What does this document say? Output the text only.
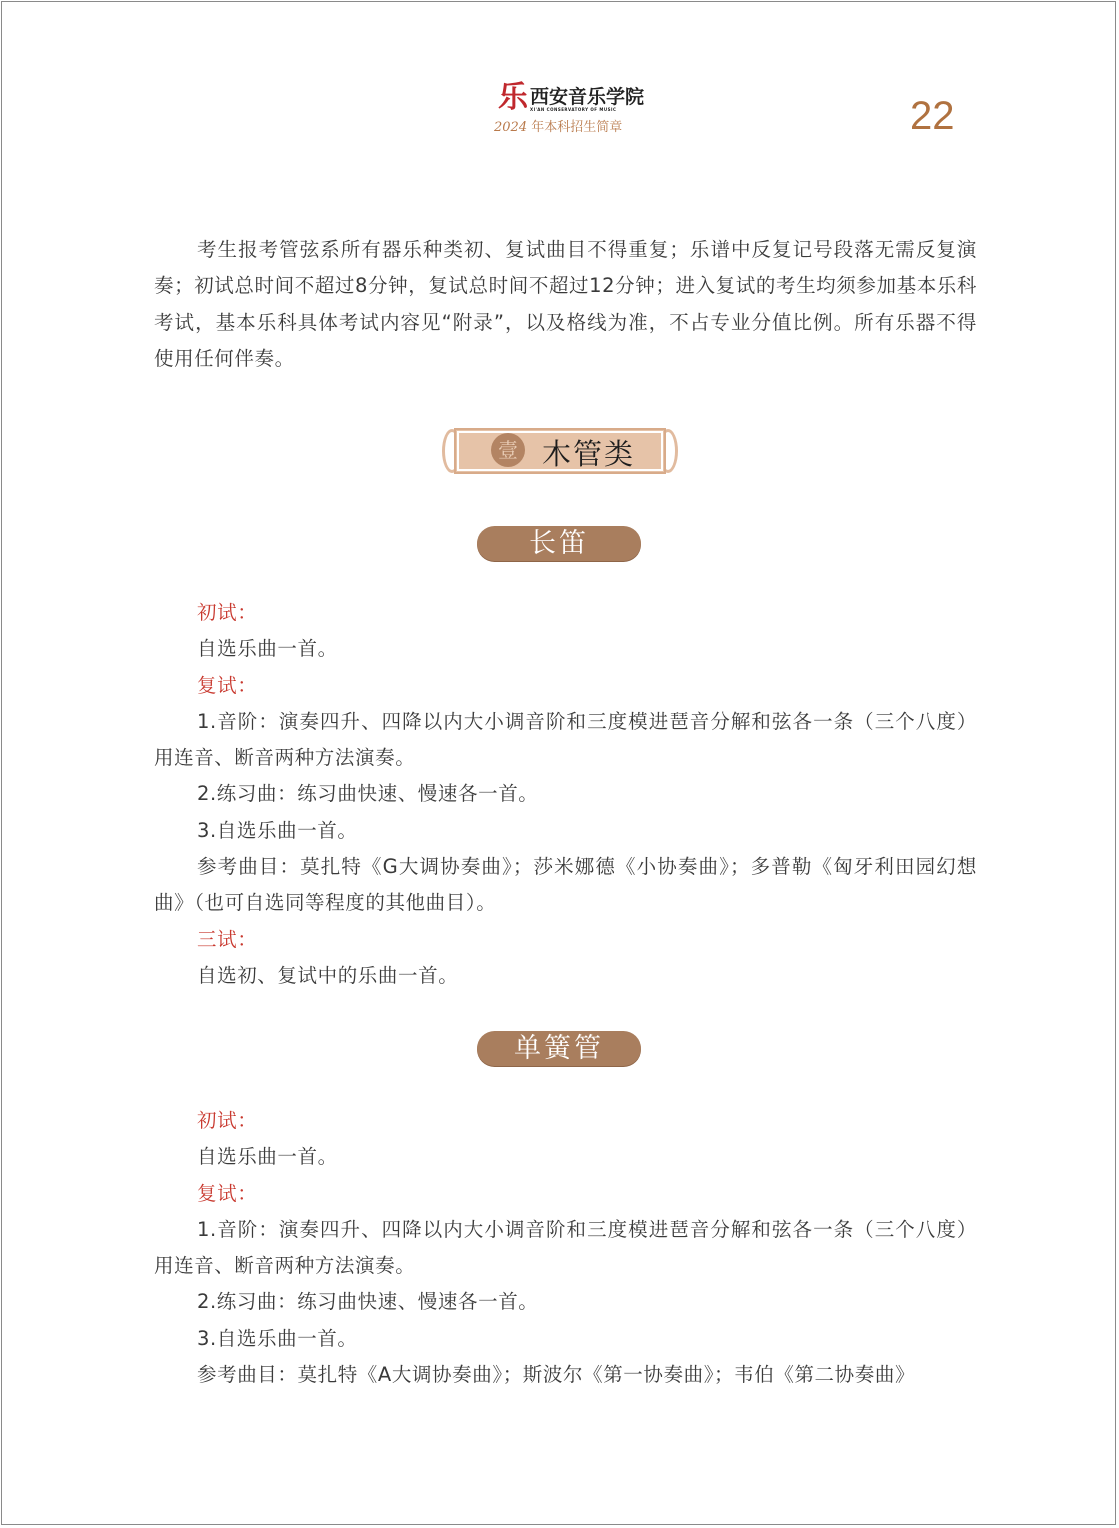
乐 西安音乐学院
XI'AN CONSERVATORY OF MUSIC
2024 年本科招生简章	22

考生报考管弦系所有器乐种类初、复试曲目不得重复；乐谱中反复记号段落无需反复演奏；初试总时间不超过8分钟，复试总时间不超过12分钟；进入复试的考生均须参加基本乐科考试，基本乐科具体考试内容见“附录”，以及格线为准，不占专业分值比例。所有乐器不得使用任何伴奏。

壹 木管类
长笛

初试：

自选乐曲一首。

复试：

1.音阶：演奏四升、四降以内大小调音阶和三度模进琶音分解和弦各一条（三个八度）用连音、断音两种方法演奏。

2.练习曲：练习曲快速、慢速各一首。

3.自选乐曲一首。

参考曲目：莫扎特《G大调协奏曲》；莎米娜德《小协奏曲》；多普勒《匈牙利田园幻想曲》（也可自选同等程度的其他曲目）。

三试：

自选初、复试中的乐曲一首。

单簧管

初试：

自选乐曲一首。

复试：

1.音阶：演奏四升、四降以内大小调音阶和三度模进琶音分解和弦各一条（三个八度）用连音、断音两种方法演奏。

2.练习曲：练习曲快速、慢速各一首。

3.自选乐曲一首。

参考曲目：莫扎特《A大调协奏曲》；斯波尔《第一协奏曲》；韦伯《第二协奏曲》
